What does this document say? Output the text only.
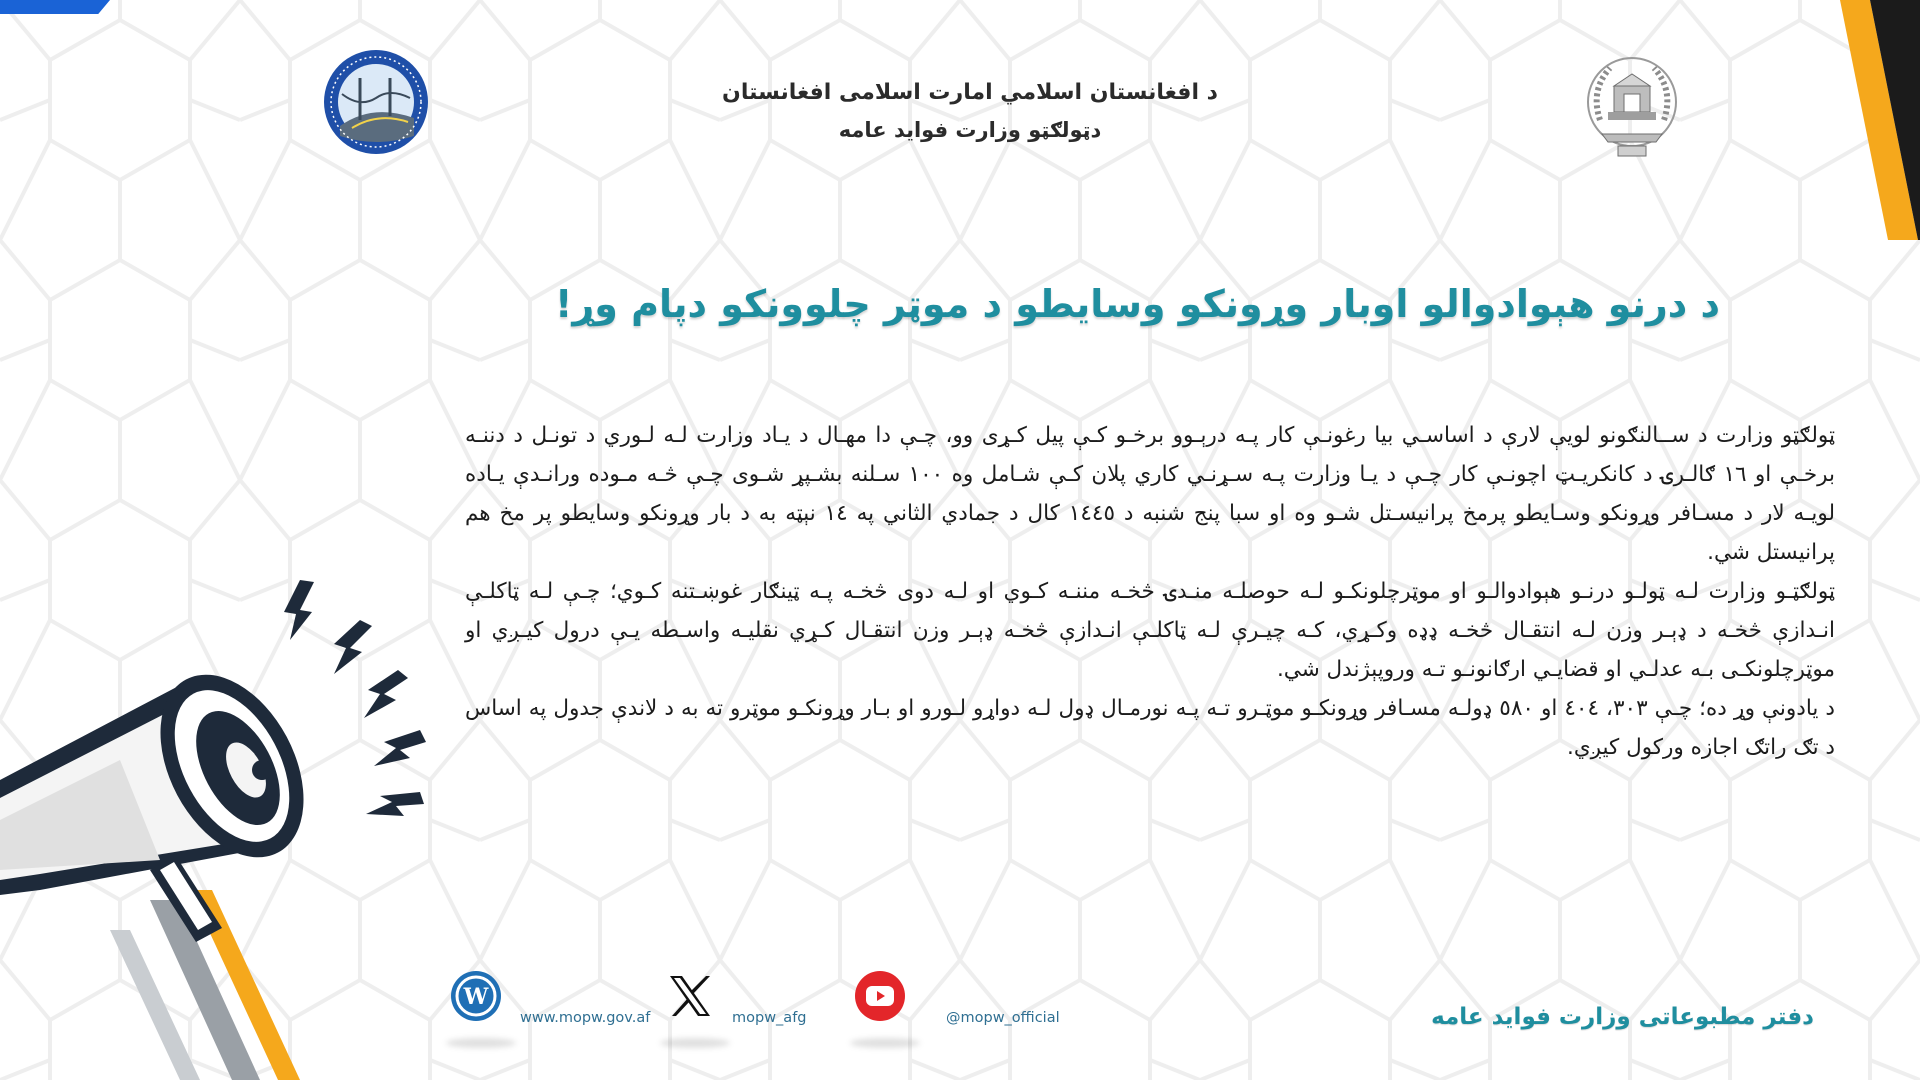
د افغانستان اسلامي امارت اسلامی افغانستان
دټولګټو وزارت فواید عامه
د درنو هېوادوالو اوبار وړونکو وسایطو د موټر چلوونکو دپام وړ!

ټولګټو وزارت د ســالنګونو لويې لارې د اساسـي بيا رغونـې کار پـه درېـوو برخـو کـې پيل کـړی وو، چـې دا مهـال د يـاد وزارت لـه لـوري د تونـل د دننـه برخـې او ١٦ ګالـرۍ د کانکريـټ اچونـې کار چـې د يـا وزارت پـه سـړنـي کاري پلان کـې شـامل وه ١٠٠ سـلنه بشـپړ شـوی چـې څـه مـوده ورانـدې يـاده لويـه لار د مسـافر وړونکو وسـايطو پرمخ پرانيسـتل شـو وه او سبا پنج شنبه د ١٤٤٥ کال د جمادي الثاني په ١٤ نېټه به د بار وړونکو وسايطو پر مخ هم پرانيستل شي.

ټولګټـو وزارت لـه ټولـو درنـو هېوادوالـو او موټرچلونکـو لـه حوصلـه منـدۍ څخـه مننـه کـوي او لـه دوی څخـه پـه ټينګار غوښـتنه کـوي؛ چـې لـه ټاکلـې انـدازې څخـه د ډېـر وزن لـه انتقـال څخـه ډډه وکـړي، کـه چيـرې لـه ټاکلـې انـدازې څخـه ډېـر وزن انتقـال کـړي نقليـه واسـطه يـې درول کيـږي او موټرچلونکـی بـه عدلـي او قضايـي ارګانونـو تـه وروپېژندل شي.

د يادونې وړ ده؛ چـې ٣٠٣، ٤٠٤ او ٥٨٠ ډولـه مسـافر وړونکـو موټـرو تـه پـه نورمـال ډول لـه دواړو لـورو او بـار وړونکـو موټرو ته به د لاندې جدول په اساس د تګ راتګ اجازه ورکول کيږي.

W
www.mopw.gov.af	mopw_afg	@mopw_official	دفتر مطبوعاتی وزارت فواید عامه
